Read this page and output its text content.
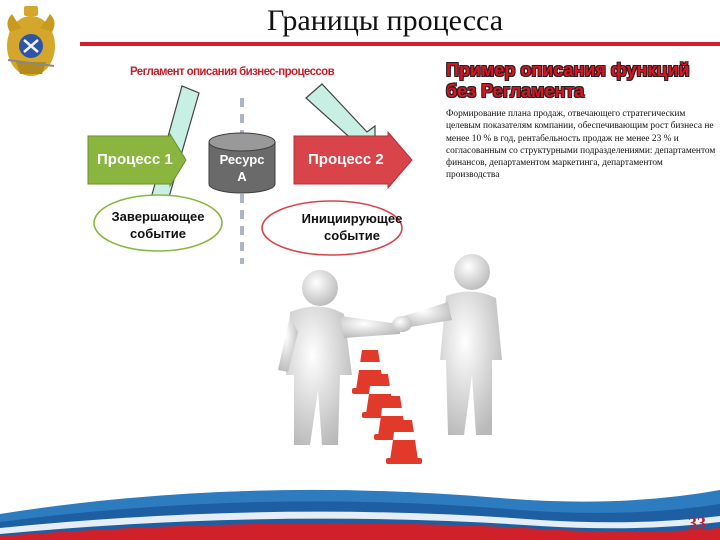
Границы процесса
Регламент описания бизнес-процессов
Процесс 1	Процесс 2
Ресурс
А
Завершающее
событие
Инициирующее
событие
Пример описания функций
без Регламента
Формирование плана продаж, отвечающего стратегическим целевым показателям компании, обеспечивающим рост бизнеса не менее 10 % в год, рентабельность продаж не менее 23 % и согласованным со структурными подразделениями: департаментом финансов, департаментом маркетинга, департаментом производства
33
